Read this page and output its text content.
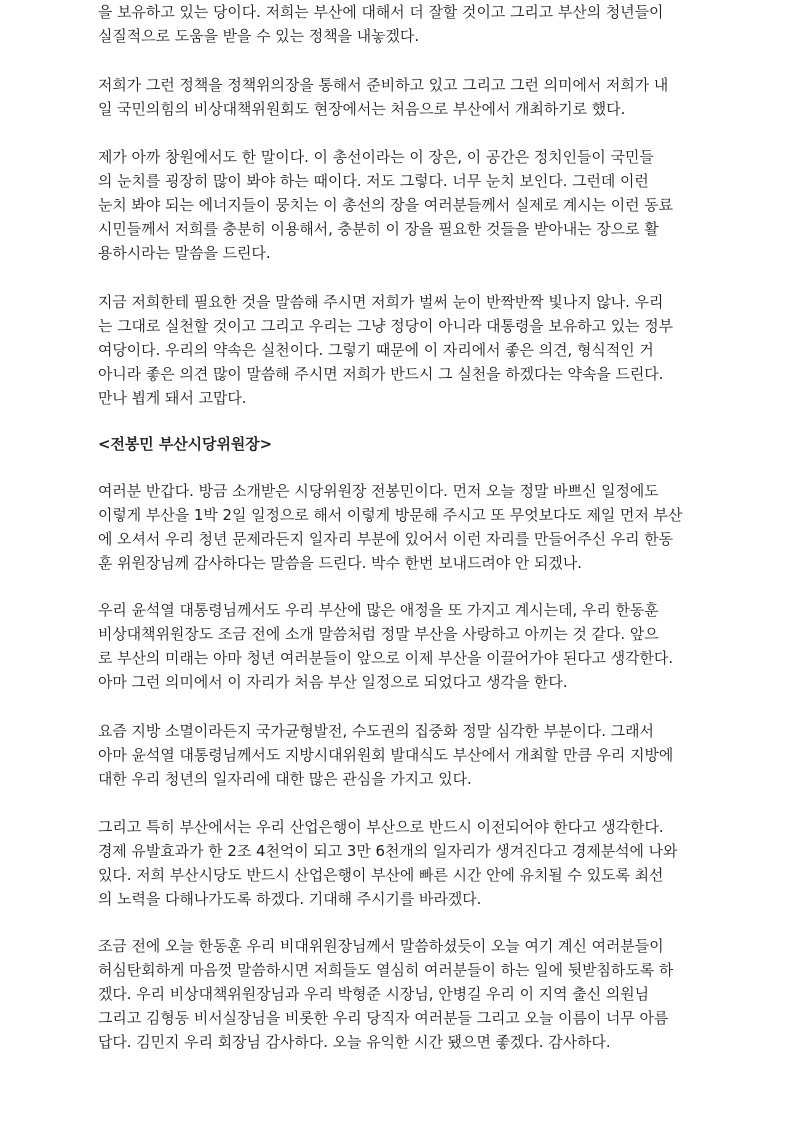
을 보유하고 있는 당이다. 저희는 부산에 대해서 더 잘할 것이고 그리고 부산의 청년들이
실질적으로 도움을 받을 수 있는 정책을 내놓겠다.
저희가 그런 정책을 정책위의장을 통해서 준비하고 있고 그리고 그런 의미에서 저희가 내
일 국민의힘의 비상대책위원회도 현장에서는 처음으로 부산에서 개최하기로 했다.
제가 아까 창원에서도 한 말이다. 이 총선이라는 이 장은, 이 공간은 정치인들이 국민들
의 눈치를 굉장히 많이 봐야 하는 때이다. 저도 그렇다. 너무 눈치 보인다. 그런데 이런
눈치 봐야 되는 에너지들이 뭉치는 이 총선의 장을 여러분들께서 실제로 계시는 이런 동료
시민들께서 저희를 충분히 이용해서, 충분히 이 장을 필요한 것들을 받아내는 장으로 활
용하시라는 말씀을 드린다.
지금 저희한테 필요한 것을 말씀해 주시면 저희가 벌써 눈이 반짝반짝 빛나지 않나. 우리
는 그대로 실천할 것이고 그리고 우리는 그냥 정당이 아니라 대통령을 보유하고 있는 정부
여당이다. 우리의 약속은 실천이다. 그렇기 때문에 이 자리에서 좋은 의견, 형식적인 거
아니라 좋은 의견 많이 말씀해 주시면 저희가 반드시 그 실천을 하겠다는 약속을 드린다.
만나 뵙게 돼서 고맙다.
<전봉민 부산시당위원장>
여러분 반갑다. 방금 소개받은 시당위원장 전봉민이다. 먼저 오늘 정말 바쁘신 일정에도
이렇게 부산을 1박 2일 일정으로 해서 이렇게 방문해 주시고 또 무엇보다도 제일 먼저 부산
에 오셔서 우리 청년 문제라든지 일자리 부분에 있어서 이런 자리를 만들어주신 우리 한동
훈 위원장님께 감사하다는 말씀을 드린다. 박수 한번 보내드려야 안 되겠나.
우리 윤석열 대통령님께서도 우리 부산에 많은 애정을 또 가지고 계시는데, 우리 한동훈
비상대책위원장도 조금 전에 소개 말씀처럼 정말 부산을 사랑하고 아끼는 것 같다. 앞으
로 부산의 미래는 아마 청년 여러분들이 앞으로 이제 부산을 이끌어가야 된다고 생각한다.
아마 그런 의미에서 이 자리가 처음 부산 일정으로 되었다고 생각을 한다.
요즘 지방 소멸이라든지 국가균형발전, 수도권의 집중화 정말 심각한 부분이다. 그래서
아마 윤석열 대통령님께서도 지방시대위원회 발대식도 부산에서 개최할 만큼 우리 지방에
대한 우리 청년의 일자리에 대한 많은 관심을 가지고 있다.
그리고 특히 부산에서는 우리 산업은행이 부산으로 반드시 이전되어야 한다고 생각한다.
경제 유발효과가 한 2조 4천억이 되고 3만 6천개의 일자리가 생겨진다고 경제분석에 나와
있다. 저희 부산시당도 반드시 산업은행이 부산에 빠른 시간 안에 유치될 수 있도록 최선
의 노력을 다해나가도록 하겠다. 기대해 주시기를 바라겠다.
조금 전에 오늘 한동훈 우리 비대위원장님께서 말씀하셨듯이 오늘 여기 계신 여러분들이
허심탄회하게 마음껏 말씀하시면 저희들도 열심히 여러분들이 하는 일에 뒷받침하도록 하
겠다. 우리 비상대책위원장님과 우리 박형준 시장님, 안병길 우리 이 지역 출신 의원님
그리고 김형동 비서실장님을 비롯한 우리 당직자 여러분들 그리고 오늘 이름이 너무 아름
답다. 김민지 우리 회장님 감사하다. 오늘 유익한 시간 됐으면 좋겠다. 감사하다.
